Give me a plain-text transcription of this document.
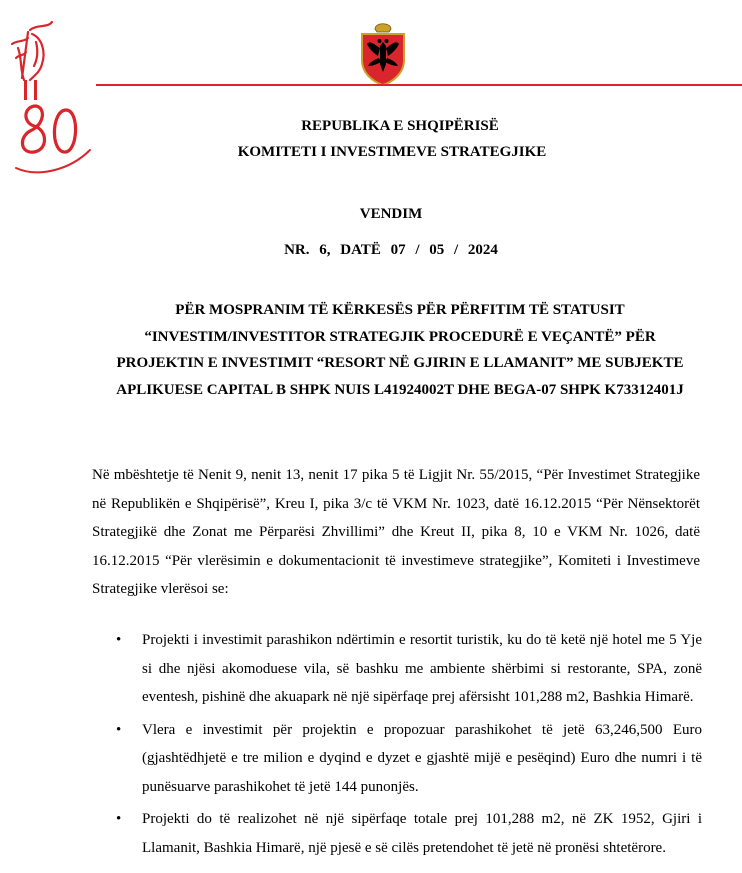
REPUBLIKA E SHQIPËRISË
KOMITETI I INVESTIMEVE STRATEGJIKE
VENDIM
NR. 6, DATË 07 / 05 / 2024
PËR MOSPRANIM TË KËRKESËS PËR PËRFITIM TË STATUSIT “INVESTIM/INVESTITOR STRATEGJIK PROCEDURË E VEÇANTË” PËR PROJEKTIN E INVESTIMIT “RESORT NË GJIRIN E LLAMANIT” ME SUBJEKTE APLIKUESE CAPITAL B SHPK NUIS L41924002T DHE BEGA-07 SHPK K73312401J
Në mbështetje të Nenit 9, nenit 13, nenit 17 pika 5 të Ligjit Nr. 55/2015, “Për Investimet Strategjike në Republikën e Shqipërisë”, Kreu I, pika 3/c të VKM Nr. 1023, datë 16.12.2015 “Për Nënsektorët Strategjikë dhe Zonat me Përparësi Zhvillimi” dhe Kreut II, pika 8, 10 e VKM Nr. 1026, datë 16.12.2015 “Për vlerësimin e dokumentacionit të investimeve strategjike”, Komiteti i Investimeve Strategjike vlerësoi se:
• Projekti i investimit parashikon ndërtimin e resortit turistik, ku do të ketë një hotel me 5 Yje si dhe njësi akomoduese vila, së bashku me ambiente shërbimi si restorante, SPA, zonë eventesh, pishinë dhe akuapark në një sipërfaqe prej afërsisht 101,288 m2, Bashkia Himarë.
• Vlera e investimit për projektin e propozuar parashikohet të jetë 63,246,500 Euro (gjashtëdhjetë e tre milion e dyqind e dyzet e gjashtë mijë e pesëqind) Euro dhe numri i të punësuarve parashikohet të jetë 144 punonjës.
• Projekti do të realizohet në një sipërfaqe totale prej 101,288 m2, në ZK 1952, Gjiri i Llamanit, Bashkia Himarë, një pjesë e së cilës pretendohet të jetë në pronësi shtetërore.
